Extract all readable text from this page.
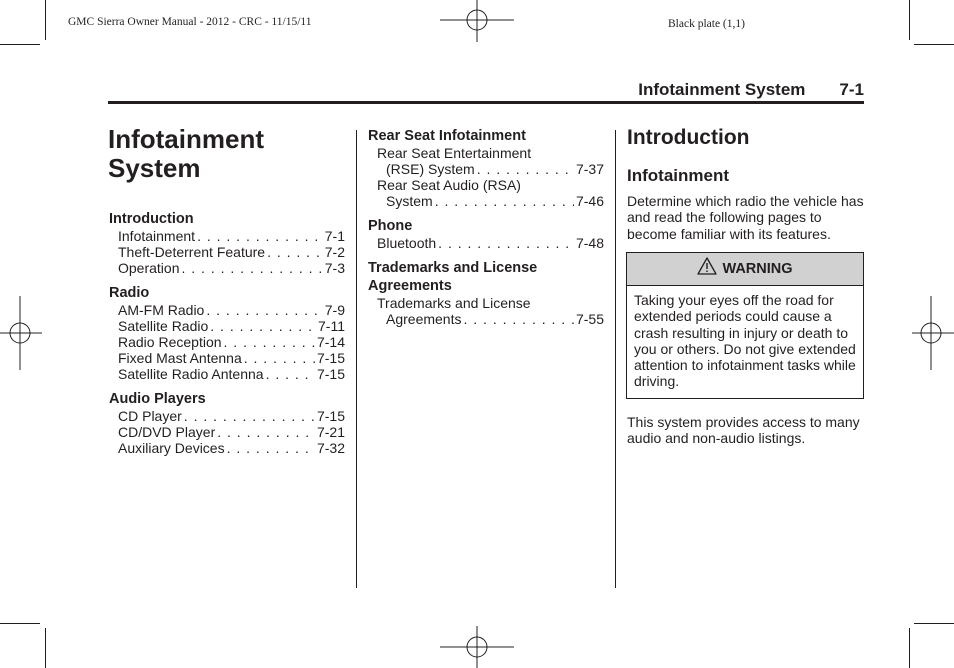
GMC Sierra Owner Manual - 2012 - CRC - 11/15/11	Black plate (1,1)
Infotainment System 7-1
Infotainment System
Introduction
Infotainment . . .	7-1
Theft-Deterrent Feature . . .	7-2
Operation . . .	7-3
Radio
AM-FM Radio . . .	7-9
Satellite Radio . . .	7-11
Radio Reception . . .	7-14
Fixed Mast Antenna . . .	7-15
Satellite Radio Antenna . . .	7-15
Audio Players
CD Player . . .	7-15
CD/DVD Player . . .	7-21
Auxiliary Devices . . .	7-32
Rear Seat Infotainment
Rear Seat Entertainment
(RSE) System . . .	7-37
Rear Seat Audio (RSA)
System . . .	7-46
Phone
Bluetooth . . .	7-48
Trademarks and License
Agreements
Trademarks and License
Agreements . . .	7-55
Introduction
Infotainment
Determine which radio the vehicle has and read the following pages to become familiar with its features.
WARNING
Taking your eyes off the road for extended periods could cause a crash resulting in injury or death to you or others. Do not give extended attention to infotainment tasks while driving.
This system provides access to many audio and non-audio listings.
